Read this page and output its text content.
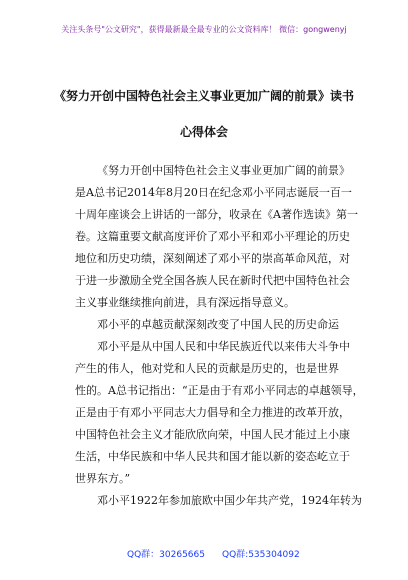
关注头条号"公文研究"，获得最新最全最专业的公文资料库！ 微信：gongwenyj
《努力开创中国特色社会主义事业更加广阔的前景》读书
心得体会
《努力开创中国特色社会主义事业更加广阔的前景》
是A总书记2014年8月20日在纪念邓小平同志诞辰一百一
十周年座谈会上讲话的一部分，收录在《A著作选读》第一
卷。这篇重要文献高度评价了邓小平和邓小平理论的历史
地位和历史功绩，深刻阐述了邓小平的崇高革命风范，对
于进一步激励全党全国各族人民在新时代把中国特色社会
主义事业继续推向前进，具有深远指导意义。
邓小平的卓越贡献深刻改变了中国人民的历史命运
邓小平是从中国人民和中华民族近代以来伟大斗争中
产生的伟人，他对党和人民的贡献是历史的，也是世界
性的。A总书记指出：“正是由于有邓小平同志的卓越领导，
正是由于有邓小平同志大力倡导和全力推进的改革开放，
中国特色社会主义才能欣欣向荣，中国人民才能过上小康
生活，中华民族和中华人民共和国才能以新的姿态屹立于
世界东方。”
邓小平1922年参加旅欧中国少年共产党，1924年转为
QQ群：30265665 QQ群:535304092
